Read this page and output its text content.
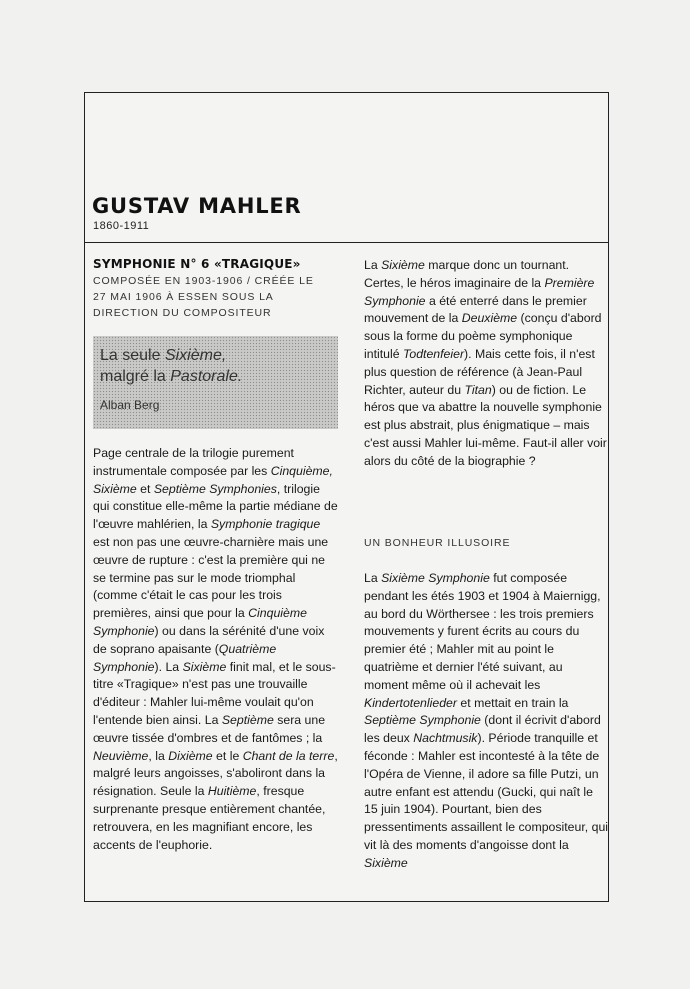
GUSTAV MAHLER
1860-1911
SYMPHONIE N° 6 «TRAGIQUE»
COMPOSÉE EN 1903-1906 / CRÉÉE LE
27 MAI 1906 À ESSEN SOUS LA
DIRECTION DU COMPOSITEUR

La seule Sixième,
malgré la Pastorale.

Alban Berg

Page centrale de la trilogie purement instrumentale composée par les Cinquième, Sixième et Septième Symphonies, trilogie qui constitue elle-même la partie médiane de l'œuvre mahlérien, la Symphonie tragique est non pas une œuvre-charnière mais une œuvre de rupture : c'est la première qui ne se termine pas sur le mode triomphal (comme c'était le cas pour les trois premières, ainsi que pour la Cinquième Symphonie) ou dans la sérénité d'une voix de soprano apaisante (Quatrième Symphonie). La Sixième finit mal, et le sous-titre «Tragique» n'est pas une trouvaille d'éditeur : Mahler lui-même voulait qu'on l'entende bien ainsi. La Septième sera une œuvre tissée d'ombres et de fantômes ; la Neuvième, la Dixième et le Chant de la terre, malgré leurs angoisses, s'aboliront dans la résignation. Seule la Huitième, fresque surprenante presque entièrement chantée, retrouvera, en les magnifiant encore, les accents de l'euphorie.

La Sixième marque donc un tournant. Certes, le héros imaginaire de la Première Symphonie a été enterré dans le premier mouvement de la Deuxième (conçu d'abord sous la forme du poème symphonique intitulé Todtenfeier). Mais cette fois, il n'est plus question de référence (à Jean-Paul Richter, auteur du Titan) ou de fiction. Le héros que va abattre la nouvelle symphonie est plus abstrait, plus énigmatique – mais c'est aussi Mahler lui-même. Faut-il aller voir alors du côté de la biographie ?

UN BONHEUR ILLUSOIRE

La Sixième Symphonie fut composée pendant les étés 1903 et 1904 à Maiernigg, au bord du Wörthersee : les trois premiers mouvements y furent écrits au cours du premier été ; Mahler mit au point le quatrième et dernier l'été suivant, au moment même où il achevait les Kindertotenlieder et mettait en train la Septième Symphonie (dont il écrivit d'abord les deux Nachtmusik). Période tranquille et féconde : Mahler est incontesté à la tête de l'Opéra de Vienne, il adore sa fille Putzi, un autre enfant est attendu (Gucki, qui naît le 15 juin 1904). Pourtant, bien des pressentiments assaillent le compositeur, qui vit là des moments d'angoisse dont la Sixième
